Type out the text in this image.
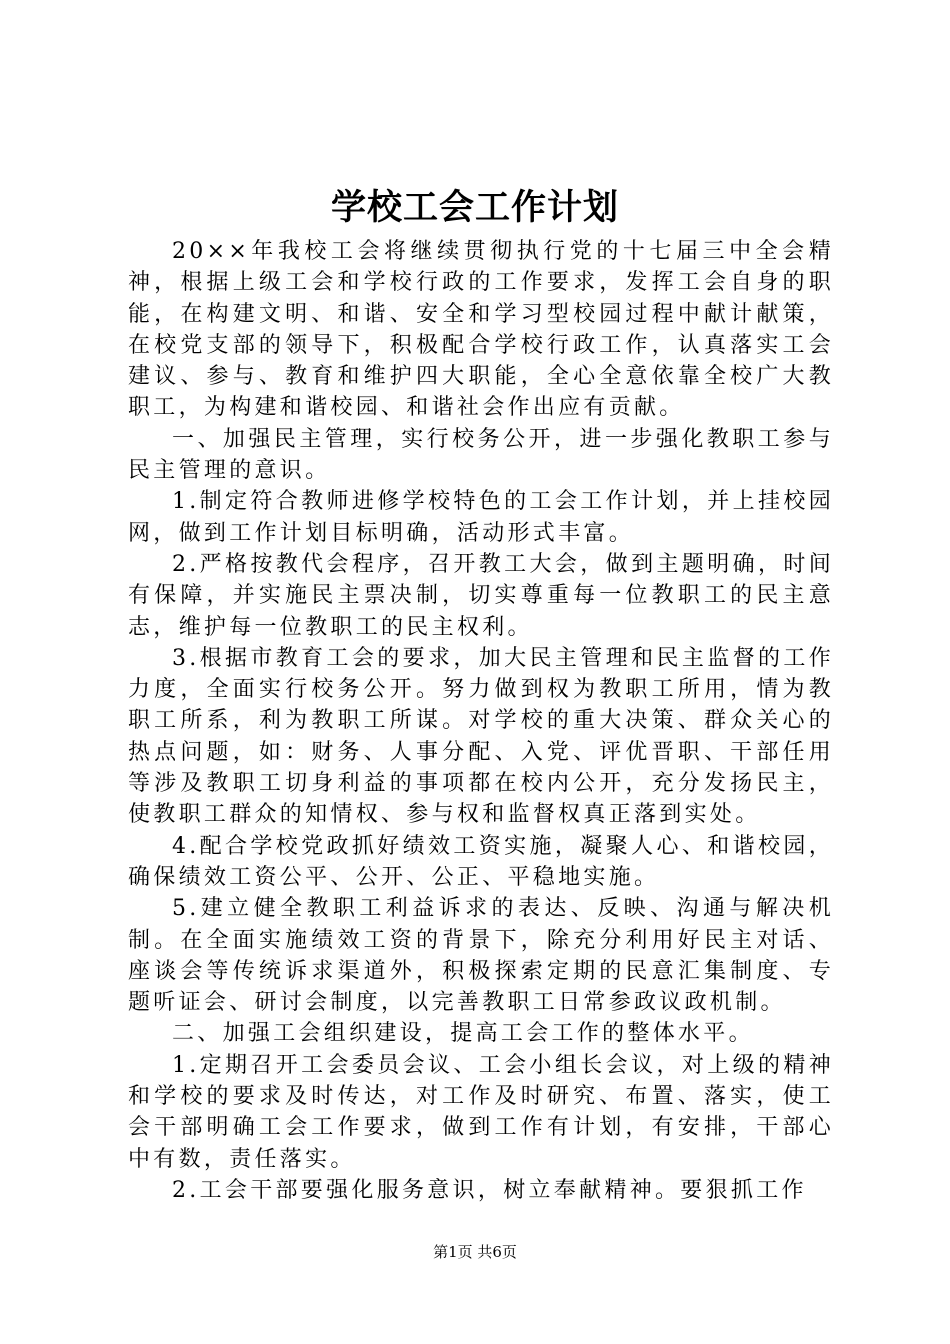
学校工会工作计划

20××年我校工会将继续贯彻执行党的十七届三中全会精神，根据上级工会和学校行政的工作要求，发挥工会自身的职能，在构建文明、和谐、安全和学习型校园过程中献计献策，在校党支部的领导下，积极配合学校行政工作，认真落实工会建议、参与、教育和维护四大职能，全心全意依靠全校广大教职工，为构建和谐校园、和谐社会作出应有贡献。

一、加强民主管理，实行校务公开，进一步强化教职工参与民主管理的意识。

1.制定符合教师进修学校特色的工会工作计划，并上挂校园网，做到工作计划目标明确，活动形式丰富。

2.严格按教代会程序，召开教工大会，做到主题明确，时间有保障，并实施民主票决制，切实尊重每一位教职工的民主意志，维护每一位教职工的民主权利。

3.根据市教育工会的要求，加大民主管理和民主监督的工作力度，全面实行校务公开。努力做到权为教职工所用，情为教职工所系，利为教职工所谋。对学校的重大决策、群众关心的热点问题，如：财务、人事分配、入党、评优晋职、干部任用等涉及教职工切身利益的事项都在校内公开，充分发扬民主，使教职工群众的知情权、参与权和监督权真正落到实处。

4.配合学校党政抓好绩效工资实施，凝聚人心、和谐校园，确保绩效工资公平、公开、公正、平稳地实施。

5.建立健全教职工利益诉求的表达、反映、沟通与解决机制。在全面实施绩效工资的背景下，除充分利用好民主对话、座谈会等传统诉求渠道外，积极探索定期的民意汇集制度、专题听证会、研讨会制度，以完善教职工日常参政议政机制。

二、加强工会组织建设，提高工会工作的整体水平。

1.定期召开工会委员会议、工会小组长会议，对上级的精神和学校的要求及时传达，对工作及时研究、布置、落实，使工会干部明确工会工作要求，做到工作有计划，有安排，干部心中有数，责任落实。

2.工会干部要强化服务意识，树立奉献精神。要狠抓工作

第1页 共6页
